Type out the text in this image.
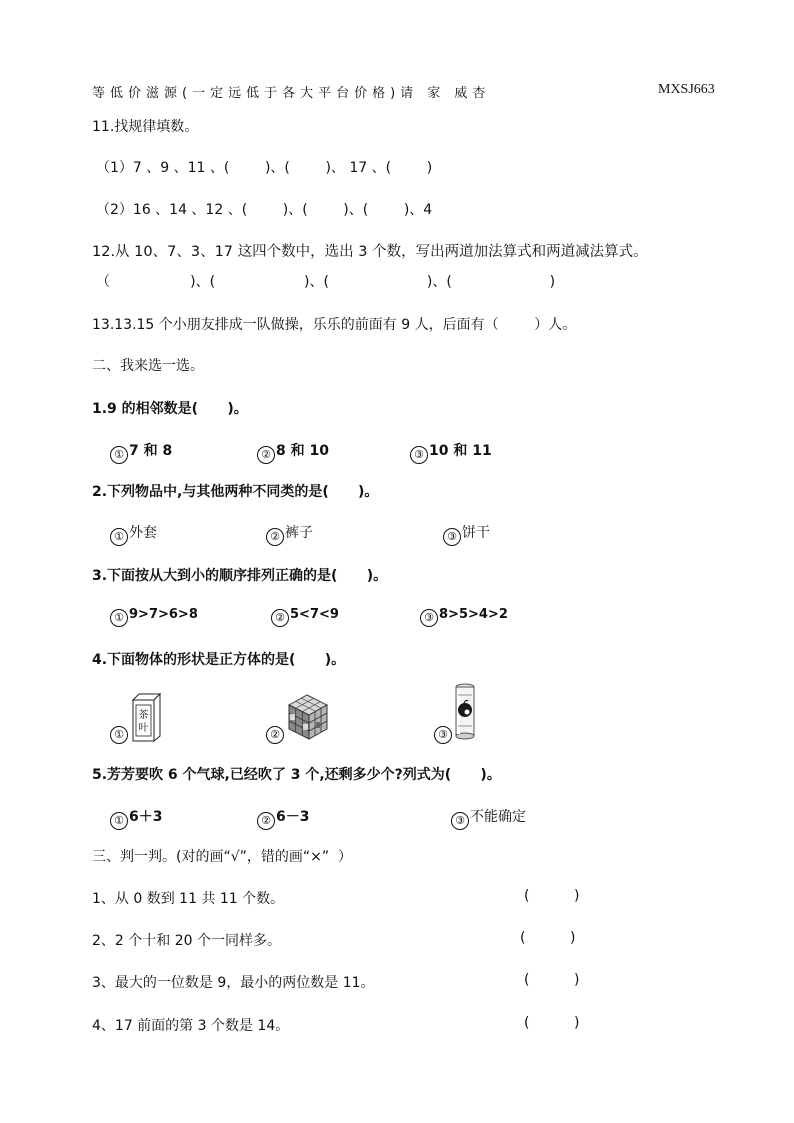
等低价滋源(一定远低于各大平台价格)请 家 威杏	MXSJ663
11.找规律填数。
（1）7 、9 、11 、(        )、(        )、 17 、(        )
（2）16 、14 、12 、(        )、(        )、(        )、4
12.从 10、7、3、17 这四个数中，选出 3 个数，写出两道加法算式和两道减法算式。
（                  )、(                    )、(                      )、(                      )
13.13.15 个小朋友排成一队做操，乐乐的前面有 9 人，后面有（        ）人。
二、我来选一选。
1.9 的相邻数是(      )。
① 7 和 8	② 8 和 10	③ 10 和 11
2.下列物品中,与其他两种不同类的是(      )。
① 外套	② 裤子	③ 饼干
3.下面按从大到小的顺序排列正确的是(      )。
① 9>7>6>8	② 5<7<9	③ 8>5>4>2
4.下面物体的形状是正方体的是(      )。
①
茶
叶	②	③
5.芳芳要吹 6 个气球,已经吹了 3 个,还剩多少个?列式为(      )。
① 6＋3	② 6－3	③ 不能确定
三、判一判。(对的画“√”，错的画“×”  ）
1、从 0 数到 11 共 11 个数。	(          )
2、2 个十和 20 个一同样多。	(          )
3、最大的一位数是 9，最小的两位数是 11。	(          )
4、17 前面的第 3 个数是 14。	(          )
